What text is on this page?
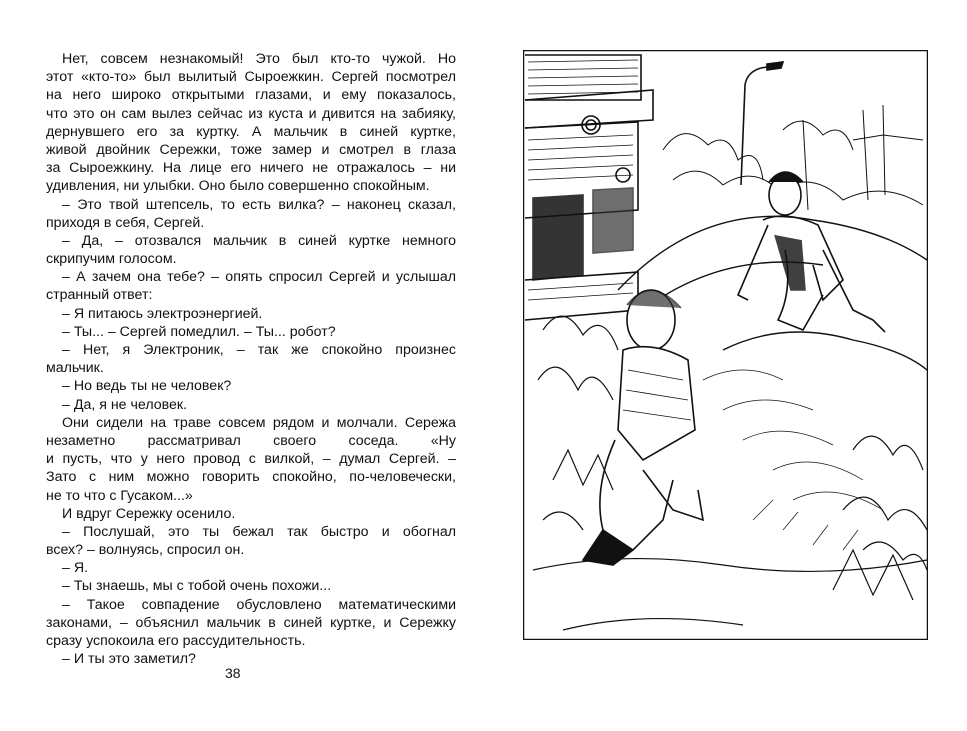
Нет, совсем незнакомый! Это был кто-то чужой. Но
этот «кто-то» был вылитый Сыроежкин. Сергей посмотрел
на него широко открытыми глазами, и ему показалось,
что это он сам вылез сейчас из куста и дивится на забияку,
дернувшего его за куртку. А мальчик в синей куртке,
живой двойник Сережки, тоже замер и смотрел в глаза
за Сыроежкину. На лице его ничего не отражалось – ни
удивления, ни улыбки. Оно было совершенно спокойным.
– Это твой штепсель, то есть вилка? – наконец сказал,
приходя в себя, Сергей.
– Да, – отозвался мальчик в синей куртке немного
скрипучим голосом.
– А зачем она тебе? – опять спросил Сергей и услышал
странный ответ:
– Я питаюсь электроэнергией.
– Ты... – Сергей помедлил. – Ты... робот?
– Нет, я Электроник, – так же спокойно произнес
мальчик.
– Но ведь ты не человек?
– Да, я не человек.
Они сидели на траве совсем рядом и молчали. Сережа
незаметно рассматривал своего соседа. «Ну
и пусть, что у него провод с вилкой, – думал Сергей. –
Зато с ним можно говорить спокойно, по-человечески,
не то что с Гусаком...»
И вдруг Сережку осенило.
– Послушай, это ты бежал так быстро и обогнал
всех? – волнуясь, спросил он.
– Я.
– Ты знаешь, мы с тобой очень похожи...
– Такое совпадение обусловлено математическими
законами, – объяснил мальчик в синей куртке, и Сережку
сразу успокоила его рассудительность.
– И ты это заметил?
38
